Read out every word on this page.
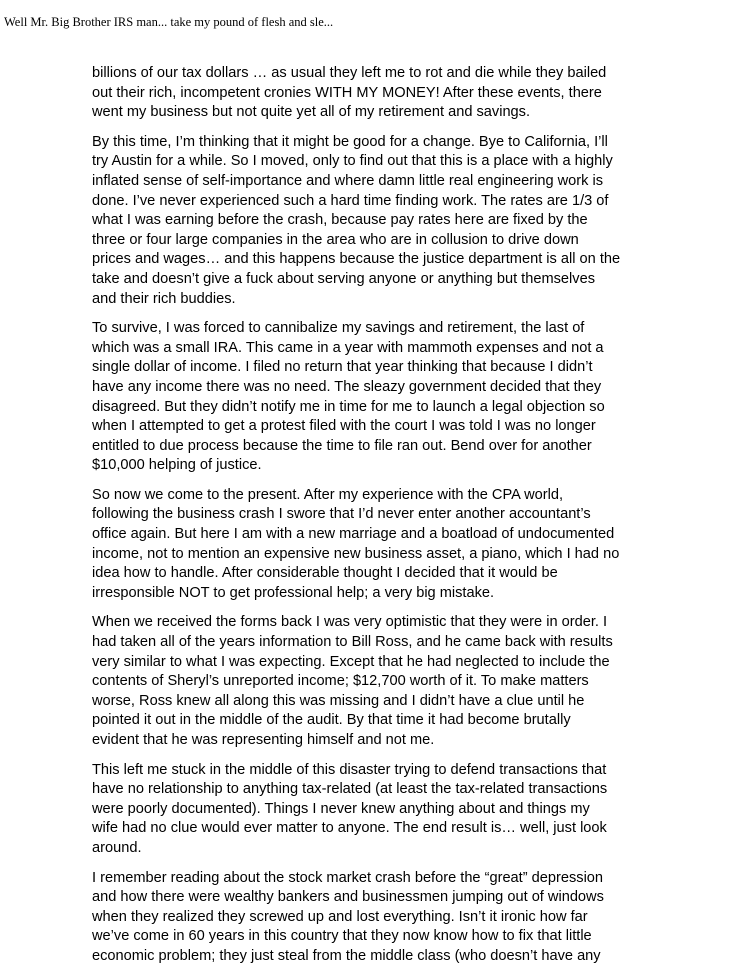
Well Mr. Big Brother IRS man... take my pound of flesh and sle...
billions of our tax dollars … as usual they left me to rot and die while they bailed
out their rich, incompetent cronies WITH MY MONEY! After these events, there
went my business but not quite yet all of my retirement and savings.
By this time, I’m thinking that it might be good for a change. Bye to California, I’ll
try Austin for a while. So I moved, only to find out that this is a place with a highly
inflated sense of self-importance and where damn little real engineering work is
done. I’ve never experienced such a hard time finding work. The rates are 1/3 of
what I was earning before the crash, because pay rates here are fixed by the
three or four large companies in the area who are in collusion to drive down
prices and wages… and this happens because the justice department is all on the
take and doesn’t give a fuck about serving anyone or anything but themselves
and their rich buddies.
To survive, I was forced to cannibalize my savings and retirement, the last of
which was a small IRA. This came in a year with mammoth expenses and not a
single dollar of income. I filed no return that year thinking that because I didn’t
have any income there was no need. The sleazy government decided that they
disagreed. But they didn’t notify me in time for me to launch a legal objection so
when I attempted to get a protest filed with the court I was told I was no longer
entitled to due process because the time to file ran out. Bend over for another
$10,000 helping of justice.
So now we come to the present. After my experience with the CPA world,
following the business crash I swore that I’d never enter another accountant’s
office again. But here I am with a new marriage and a boatload of undocumented
income, not to mention an expensive new business asset, a piano, which I had no
idea how to handle. After considerable thought I decided that it would be
irresponsible NOT to get professional help; a very big mistake.
When we received the forms back I was very optimistic that they were in order. I
had taken all of the years information to Bill Ross, and he came back with results
very similar to what I was expecting. Except that he had neglected to include the
contents of Sheryl’s unreported income; $12,700 worth of it. To make matters
worse, Ross knew all along this was missing and I didn’t have a clue until he
pointed it out in the middle of the audit. By that time it had become brutally
evident that he was representing himself and not me.
This left me stuck in the middle of this disaster trying to defend transactions that
have no relationship to anything tax-related (at least the tax-related transactions
were poorly documented). Things I never knew anything about and things my
wife had no clue would ever matter to anyone. The end result is… well, just look
around.
I remember reading about the stock market crash before the “great” depression
and how there were wealthy bankers and businessmen jumping out of windows
when they realized they screwed up and lost everything. Isn’t it ironic how far
we’ve come in 60 years in this country that they now know how to fix that little
economic problem; they just steal from the middle class (who doesn’t have any
